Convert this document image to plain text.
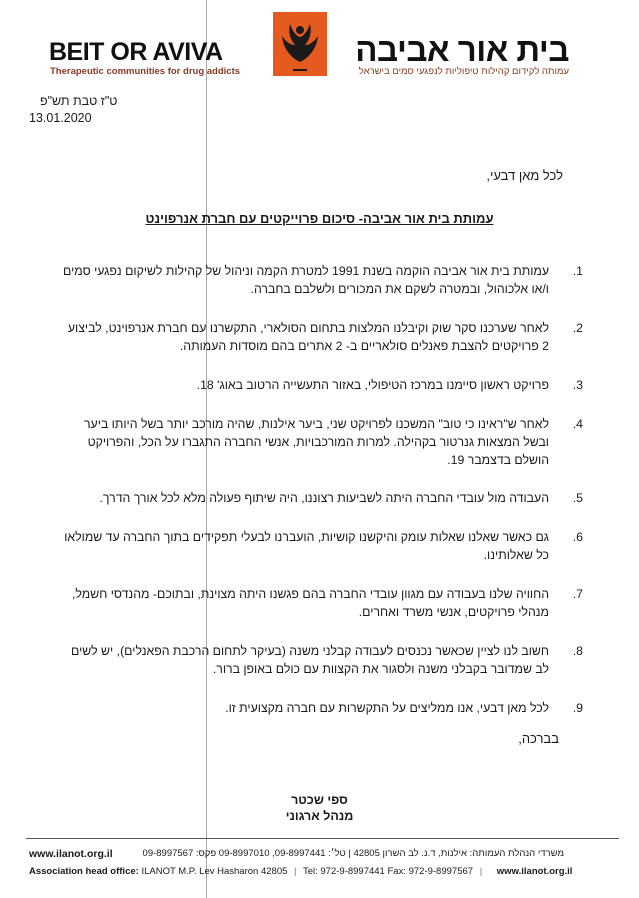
BEIT OR AVIVA
Therapeutic communities for drug addicts
בית אור אביבה
עמותה לקידום קהילות טיפוליות לנפגעי סמים בישראל
ט"ז טבת תש"פ
13.01.2020
לכל מאן דבעי,
עמותת בית אור אביבה- סיכום פרוייקטים עם חברת אנרפוינט
.1
עמותת בית אור אביבה הוקמה בשנת 1991 למטרת הקמה וניהול של קהילות לשיקום נפגעי סמים ו/או אלכוהול, ובמטרה לשקם את המכורים ולשלבם בחברה.
.2
לאחר שערכנו סקר שוק וקיבלנו המלצות בתחום הסולארי, התקשרנו עם חברת אנרפוינט, לביצוע 2 פרויקטים להצבת פאנלים סולאריים ב- 2 אתרים בהם מוסדות העמותה.
.3
פרויקט ראשון סיימנו במרכז הטיפולי, באזור התעשייה הרטוב באוג' 18.
.4
לאחר ש"ראינו כי טוב" המשכנו לפרויקט שני, ביער אילנות, שהיה מורכב יותר בשל היותו ביער ובשל המצאות גנרטור בקהילה. למרות המורכבויות, אנשי החברה התגברו על הכל, והפרויקט הושלם בדצמבר 19.
.5
העבודה מול עובדי החברה היתה לשביעות רצוננו, היה שיתוף פעולה מלא לכל אורך הדרך.
.6
גם כאשר שאלנו שאלות עומק והיקשנו קושיות, הועברנו לבעלי תפקידים בתוך החברה עד שמולאו כל שאלותינו.
.7
החוויה שלנו בעבודה עם מגוון עובדי החברה בהם פגשנו היתה מצוינת, ובתוכם- מהנדסי חשמל, מנהלי פרויקטים, אנשי משרד ואחרים.
.8
חשוב לנו לציין שכאשר נכנסים לעבודה קבלני משנה (בעיקר לתחום הרכבת הפאנלים), יש לשים לב שמדובר בקבלני משנה ולסגור את הקצוות עם כולם באופן ברור.
.9
לכל מאן דבעי, אנו ממליצים על התקשרות עם חברה מקצועית זו.
בברכה,
ספי שכטר
מנהל ארגוני
www.ilanot.org.il	משרדי הנהלת העמותה: אילנות, ד.נ. לב השרון 42805 | טל׳: 09-8997441, 09-8997010 פקס: 09-8997567
Association head office: ILANOT M.P. Lev Hasharon 42805 | Tel: 972-9-8997441 Fax: 972-9-8997567 | www.ilanot.org.il
